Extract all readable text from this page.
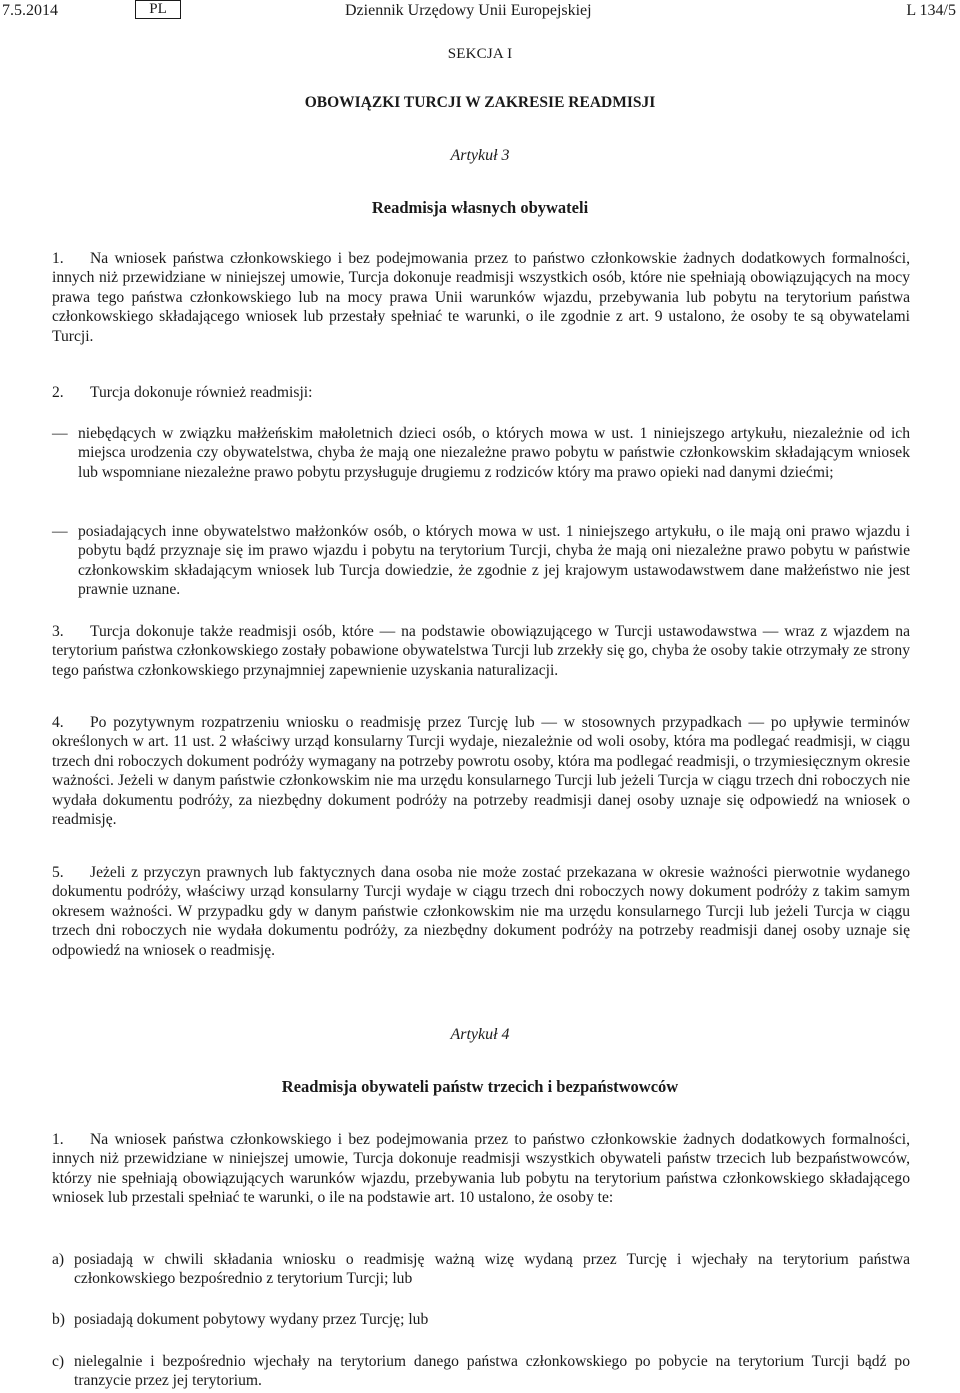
7.5.2014	PL	Dziennik Urzędowy Unii Europejskiej	L 134/5
SEKCJA I
OBOWIĄZKI TURCJI W ZAKRESIE READMISJI
Artykuł 3
Readmisja własnych obywateli
1. Na wniosek państwa członkowskiego i bez podejmowania przez to państwo członkowskie żadnych dodatkowych formalności, innych niż przewidziane w niniejszej umowie, Turcja dokonuje readmisji wszystkich osób, które nie spełniają obowiązujących na mocy prawa tego państwa członkowskiego lub na mocy prawa Unii warunków wjazdu, przebywania lub pobytu na terytorium państwa członkowskiego składającego wniosek lub przestały spełniać te warunki, o ile zgodnie z art. 9 ustalono, że osoby te są obywatelami Turcji.
2. Turcja dokonuje również readmisji:
— niebędących w związku małżeńskim małoletnich dzieci osób, o których mowa w ust. 1 niniejszego artykułu, niezależnie od ich miejsca urodzenia czy obywatelstwa, chyba że mają one niezależne prawo pobytu w państwie członkowskim składającym wniosek lub wspomniane niezależne prawo pobytu przysługuje drugiemu z rodziców który ma prawo opieki nad danymi dziećmi;
— posiadających inne obywatelstwo małżonków osób, o których mowa w ust. 1 niniejszego artykułu, o ile mają oni prawo wjazdu i pobytu bądź przyznaje się im prawo wjazdu i pobytu na terytorium Turcji, chyba że mają oni niezależne prawo pobytu w państwie członkowskim składającym wniosek lub Turcja dowiedzie, że zgodnie z jej krajowym ustawodawstwem dane małżeństwo nie jest prawnie uznane.
3. Turcja dokonuje także readmisji osób, które — na podstawie obowiązującego w Turcji ustawodawstwa — wraz z wjazdem na terytorium państwa członkowskiego zostały pobawione obywatelstwa Turcji lub zrzekły się go, chyba że osoby takie otrzymały ze strony tego państwa członkowskiego przynajmniej zapewnienie uzyskania naturalizacji.
4. Po pozytywnym rozpatrzeniu wniosku o readmisję przez Turcję lub — w stosownych przypadkach — po upływie terminów określonych w art. 11 ust. 2 właściwy urząd konsularny Turcji wydaje, niezależnie od woli osoby, która ma podlegać readmisji, w ciągu trzech dni roboczych dokument podróży wymagany na potrzeby powrotu osoby, która ma podlegać readmisji, o trzymiesięcznym okresie ważności. Jeżeli w danym państwie członkowskim nie ma urzędu konsularnego Turcji lub jeżeli Turcja w ciągu trzech dni roboczych nie wydała dokumentu podróży, za niezbędny dokument podróży na potrzeby readmisji danej osoby uznaje się odpowiedź na wniosek o readmisję.
5. Jeżeli z przyczyn prawnych lub faktycznych dana osoba nie może zostać przekazana w okresie ważności pierwotnie wydanego dokumentu podróży, właściwy urząd konsularny Turcji wydaje w ciągu trzech dni roboczych nowy dokument podróży z takim samym okresem ważności. W przypadku gdy w danym państwie członkowskim nie ma urzędu konsularnego Turcji lub jeżeli Turcja w ciągu trzech dni roboczych nie wydała dokumentu podróży, za niezbędny dokument podróży na potrzeby readmisji danej osoby uznaje się odpowiedź na wniosek o readmisję.
Artykuł 4
Readmisja obywateli państw trzecich i bezpaństwowców
1. Na wniosek państwa członkowskiego i bez podejmowania przez to państwo członkowskie żadnych dodatkowych formalności, innych niż przewidziane w niniejszej umowie, Turcja dokonuje readmisji wszystkich obywateli państw trzecich lub bezpaństwowców, którzy nie spełniają obowiązujących warunków wjazdu, przebywania lub pobytu na terytorium państwa członkowskiego składającego wniosek lub przestali spełniać te warunki, o ile na podstawie art. 10 ustalono, że osoby te:
a) posiadają w chwili składania wniosku o readmisję ważną wizę wydaną przez Turcję i wjechały na terytorium państwa członkowskiego bezpośrednio z terytorium Turcji; lub
b) posiadają dokument pobytowy wydany przez Turcję; lub
c) nielegalnie i bezpośrednio wjechały na terytorium danego państwa członkowskiego po pobycie na terytorium Turcji bądź po tranzycie przez jej terytorium.
